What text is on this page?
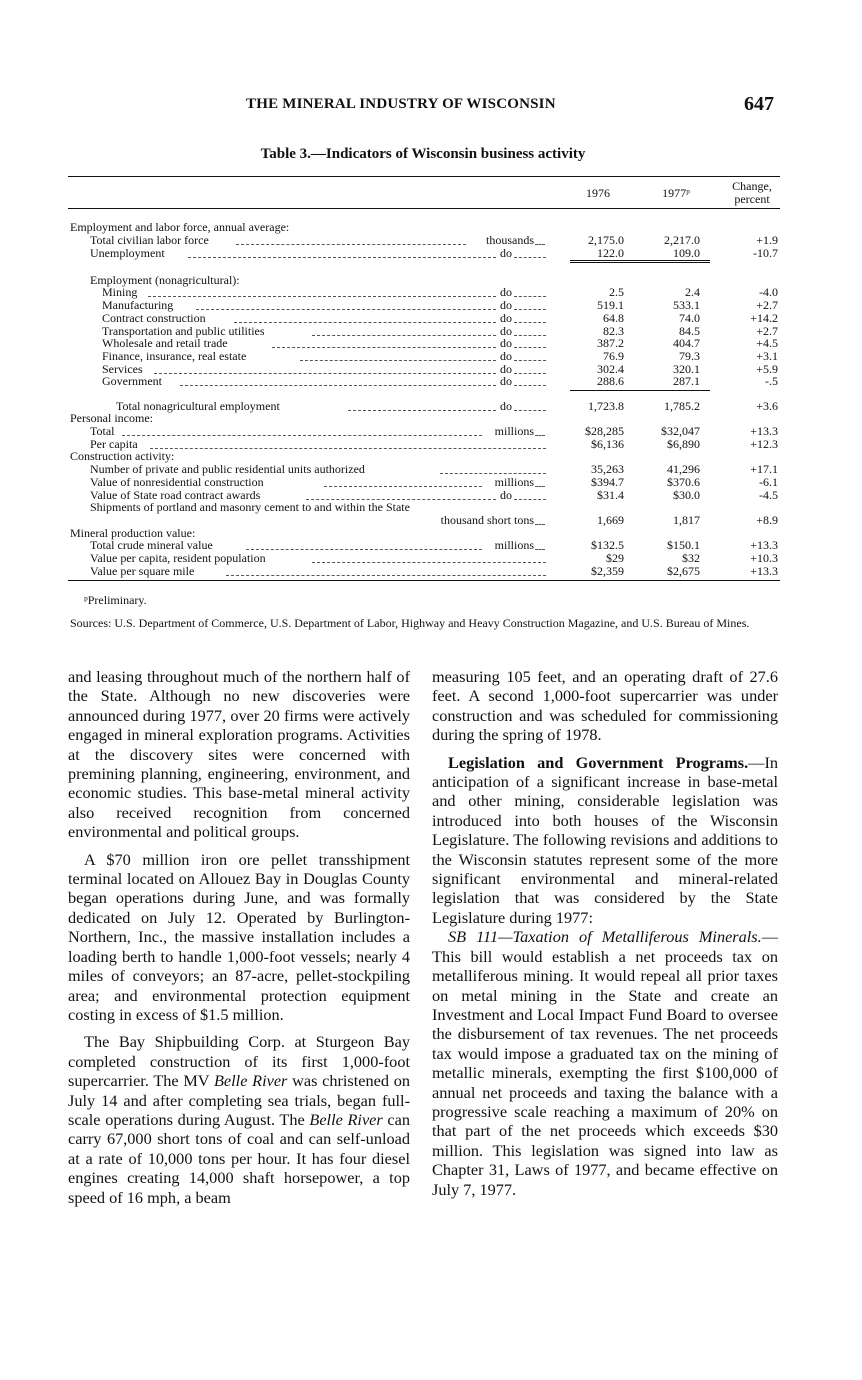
THE MINERAL INDUSTRY OF WISCONSIN	647
Table 3.—Indicators of Wisconsin business activity
1976	1977ᵖ	Change,
percent
Employment and labor force, annual average:
Total civilian labor force	thousands	2,175.0	2,217.0	+1.9
Unemployment	do	122.0	109.0	-10.7
Employment (nonagricultural):
Mining	do	2.5	2.4	-4.0
Manufacturing	do	519.1	533.1	+2.7
Contract construction	do	64.8	74.0	+14.2
Transportation and public utilities	do	82.3	84.5	+2.7
Wholesale and retail trade	do	387.2	404.7	+4.5
Finance, insurance, real estate	do	76.9	79.3	+3.1
Services	do	302.4	320.1	+5.9
Government	do	288.6	287.1	-.5
Total nonagricultural employment	do	1,723.8	1,785.2	+3.6
Personal income:
Total	millions	$28,285	$32,047	+13.3
Per capita	$6,136	$6,890	+12.3
Construction activity:
Number of private and public residential units authorized	35,263	41,296	+17.1
Value of nonresidential construction	millions	$394.7	$370.6	-6.1
Value of State road contract awards	do	$31.4	$30.0	-4.5
Shipments of portland and masonry cement to and within the State
thousand short tons	1,669	1,817	+8.9
Mineral production value:
Total crude mineral value	millions	$132.5	$150.1	+13.3
Value per capita, resident population	$29	$32	+10.3
Value per square mile	$2,359	$2,675	+13.3
ᵖPreliminary.
Sources: U.S. Department of Commerce, U.S. Department of Labor, Highway and Heavy Construction Magazine, and U.S. Bureau of Mines.

and leasing throughout much of the northern half of the State. Although no new discoveries were announced during 1977, over 20 firms were actively engaged in mineral exploration programs. Activities at the discovery sites were concerned with premining planning, engineering, environment, and economic studies. This base-metal mineral activity also received recognition from concerned environmental and political groups.

A $70 million iron ore pellet transshipment terminal located on Allouez Bay in Douglas County began operations during June, and was formally dedicated on July 12. Operated by Burlington-Northern, Inc., the massive installation includes a loading berth to handle 1,000-foot vessels; nearly 4 miles of conveyors; an 87-acre, pellet-stockpiling area; and environmental protection equipment costing in excess of $1.5 million.

The Bay Shipbuilding Corp. at Sturgeon Bay completed construction of its first 1,000-foot supercarrier. The MV Belle River was christened on July 14 and after completing sea trials, began full-scale operations during August. The Belle River can carry 67,000 short tons of coal and can self-unload at a rate of 10,000 tons per hour. It has four diesel engines creating 14,000 shaft horsepower, a top speed of 16 mph, a beam

measuring 105 feet, and an operating draft of 27.6 feet. A second 1,000-foot supercarrier was under construction and was scheduled for commissioning during the spring of 1978.

Legislation and Government Programs.—In anticipation of a significant increase in base-metal and other mining, considerable legislation was introduced into both houses of the Wisconsin Legislature. The following revisions and additions to the Wisconsin statutes represent some of the more significant environmental and mineral-related legislation that was considered by the State Legislature during 1977:

SB 111—Taxation of Metalliferous Minerals.—This bill would establish a net proceeds tax on metalliferous mining. It would repeal all prior taxes on metal mining in the State and create an Investment and Local Impact Fund Board to oversee the disbursement of tax revenues. The net proceeds tax would impose a graduated tax on the mining of metallic minerals, exempting the first $100,000 of annual net proceeds and taxing the balance with a progressive scale reaching a maximum of 20% on that part of the net proceeds which exceeds $30 million. This legislation was signed into law as Chapter 31, Laws of 1977, and became effective on July 7, 1977.
